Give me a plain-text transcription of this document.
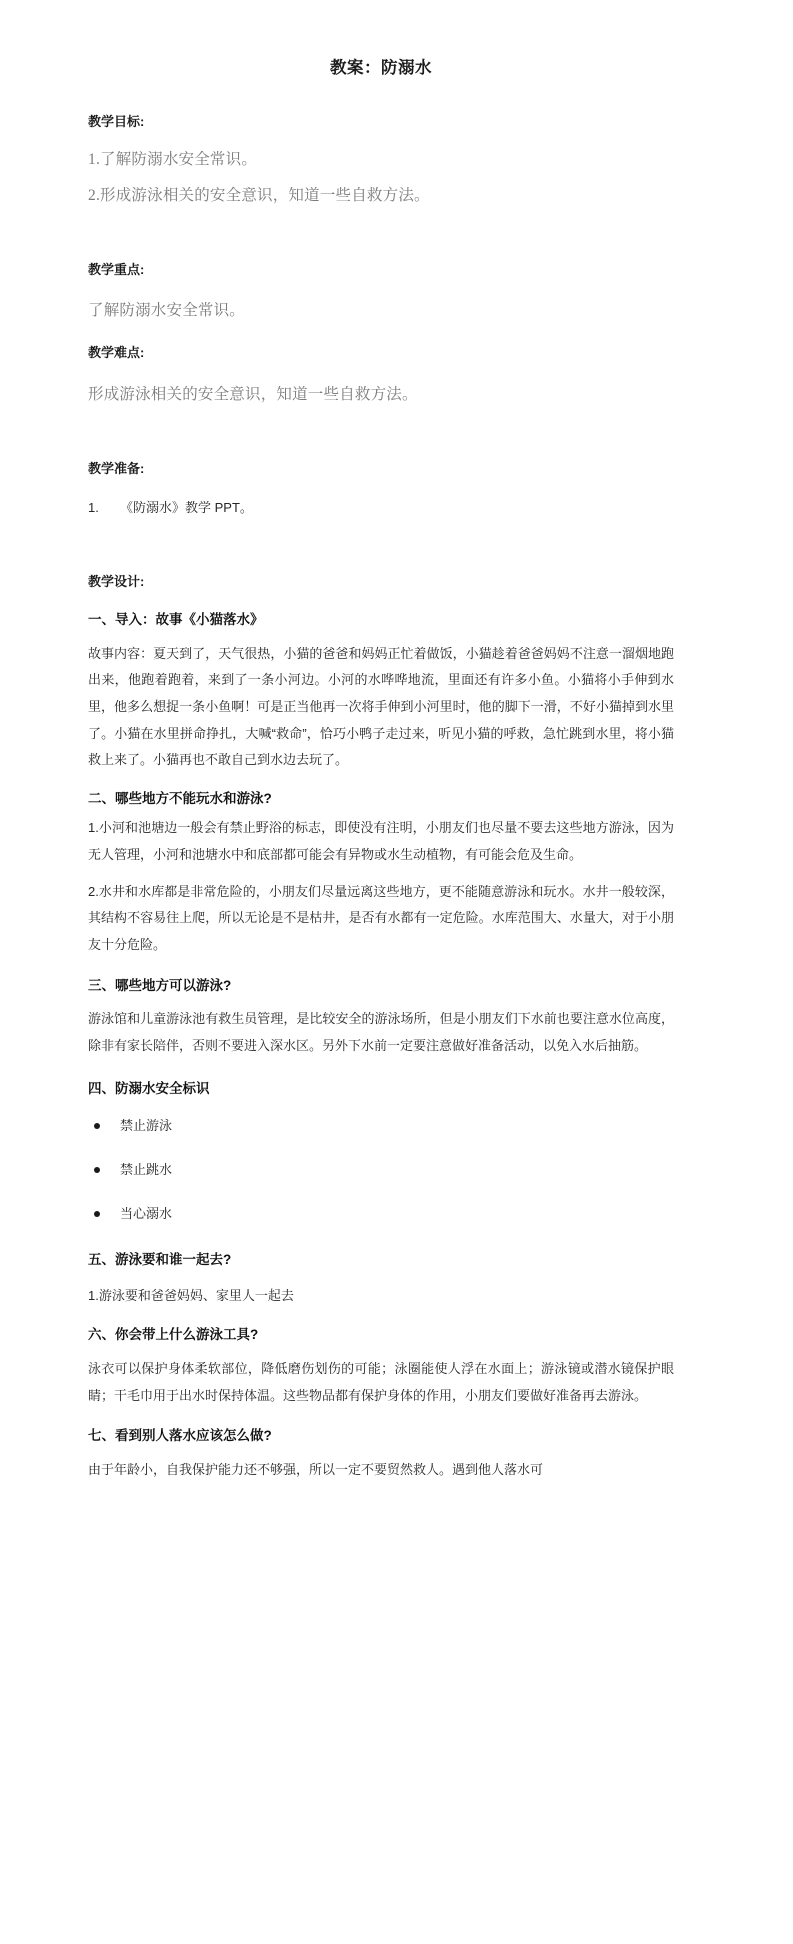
教案：防溺水
教学目标:
1.了解防溺水安全常识。
2.形成游泳相关的安全意识，知道一些自救方法。
教学重点:
了解防溺水安全常识。
教学难点:
形成游泳相关的安全意识，知道一些自救方法。
教学准备:
1. 《防溺水》教学 PPT。
教学设计:
一、导入：故事《小猫落水》
故事内容：夏天到了，天气很热，小猫的爸爸和妈妈正忙着做饭，小猫趁着爸爸妈妈不注意一溜烟地跑出来，他跑着跑着，来到了一条小河边。小河的水哗哗地流，里面还有许多小鱼。小猫将小手伸到水里，他多么想捉一条小鱼啊！可是正当他再一次将手伸到小河里时，他的脚下一滑，不好小猫掉到水里了。小猫在水里拼命挣扎，大喊“救命”，恰巧小鸭子走过来，听见小猫的呼救，急忙跳到水里，将小猫救上来了。小猫再也不敢自己到水边去玩了。
二、哪些地方不能玩水和游泳?
1.小河和池塘边一般会有禁止野浴的标志，即使没有注明，小朋友们也尽量不要去这些地方游泳，因为无人管理，小河和池塘水中和底部都可能会有异物或水生动植物，有可能会危及生命。
2.水井和水库都是非常危险的，小朋友们尽量远离这些地方，更不能随意游泳和玩水。水井一般较深，其结构不容易往上爬，所以无论是不是枯井，是否有水都有一定危险。水库范围大、水量大，对于小朋友十分危险。
三、哪些地方可以游泳?
游泳馆和儿童游泳池有救生员管理，是比较安全的游泳场所，但是小朋友们下水前也要注意水位高度，除非有家长陪伴，否则不要进入深水区。另外下水前一定要注意做好准备活动，以免入水后抽筋。
四、防溺水安全标识
禁止游泳
禁止跳水
当心溺水
五、游泳要和谁一起去?
1.游泳要和爸爸妈妈、家里人一起去
六、你会带上什么游泳工具?
泳衣可以保护身体柔软部位，降低磨伤划伤的可能；泳圈能使人浮在水面上；游泳镜或潜水镜保护眼睛；干毛巾用于出水时保持体温。这些物品都有保护身体的作用，小朋友们要做好准备再去游泳。
七、看到别人落水应该怎么做?
由于年龄小，自我保护能力还不够强，所以一定不要贸然救人。遇到他人落水可
